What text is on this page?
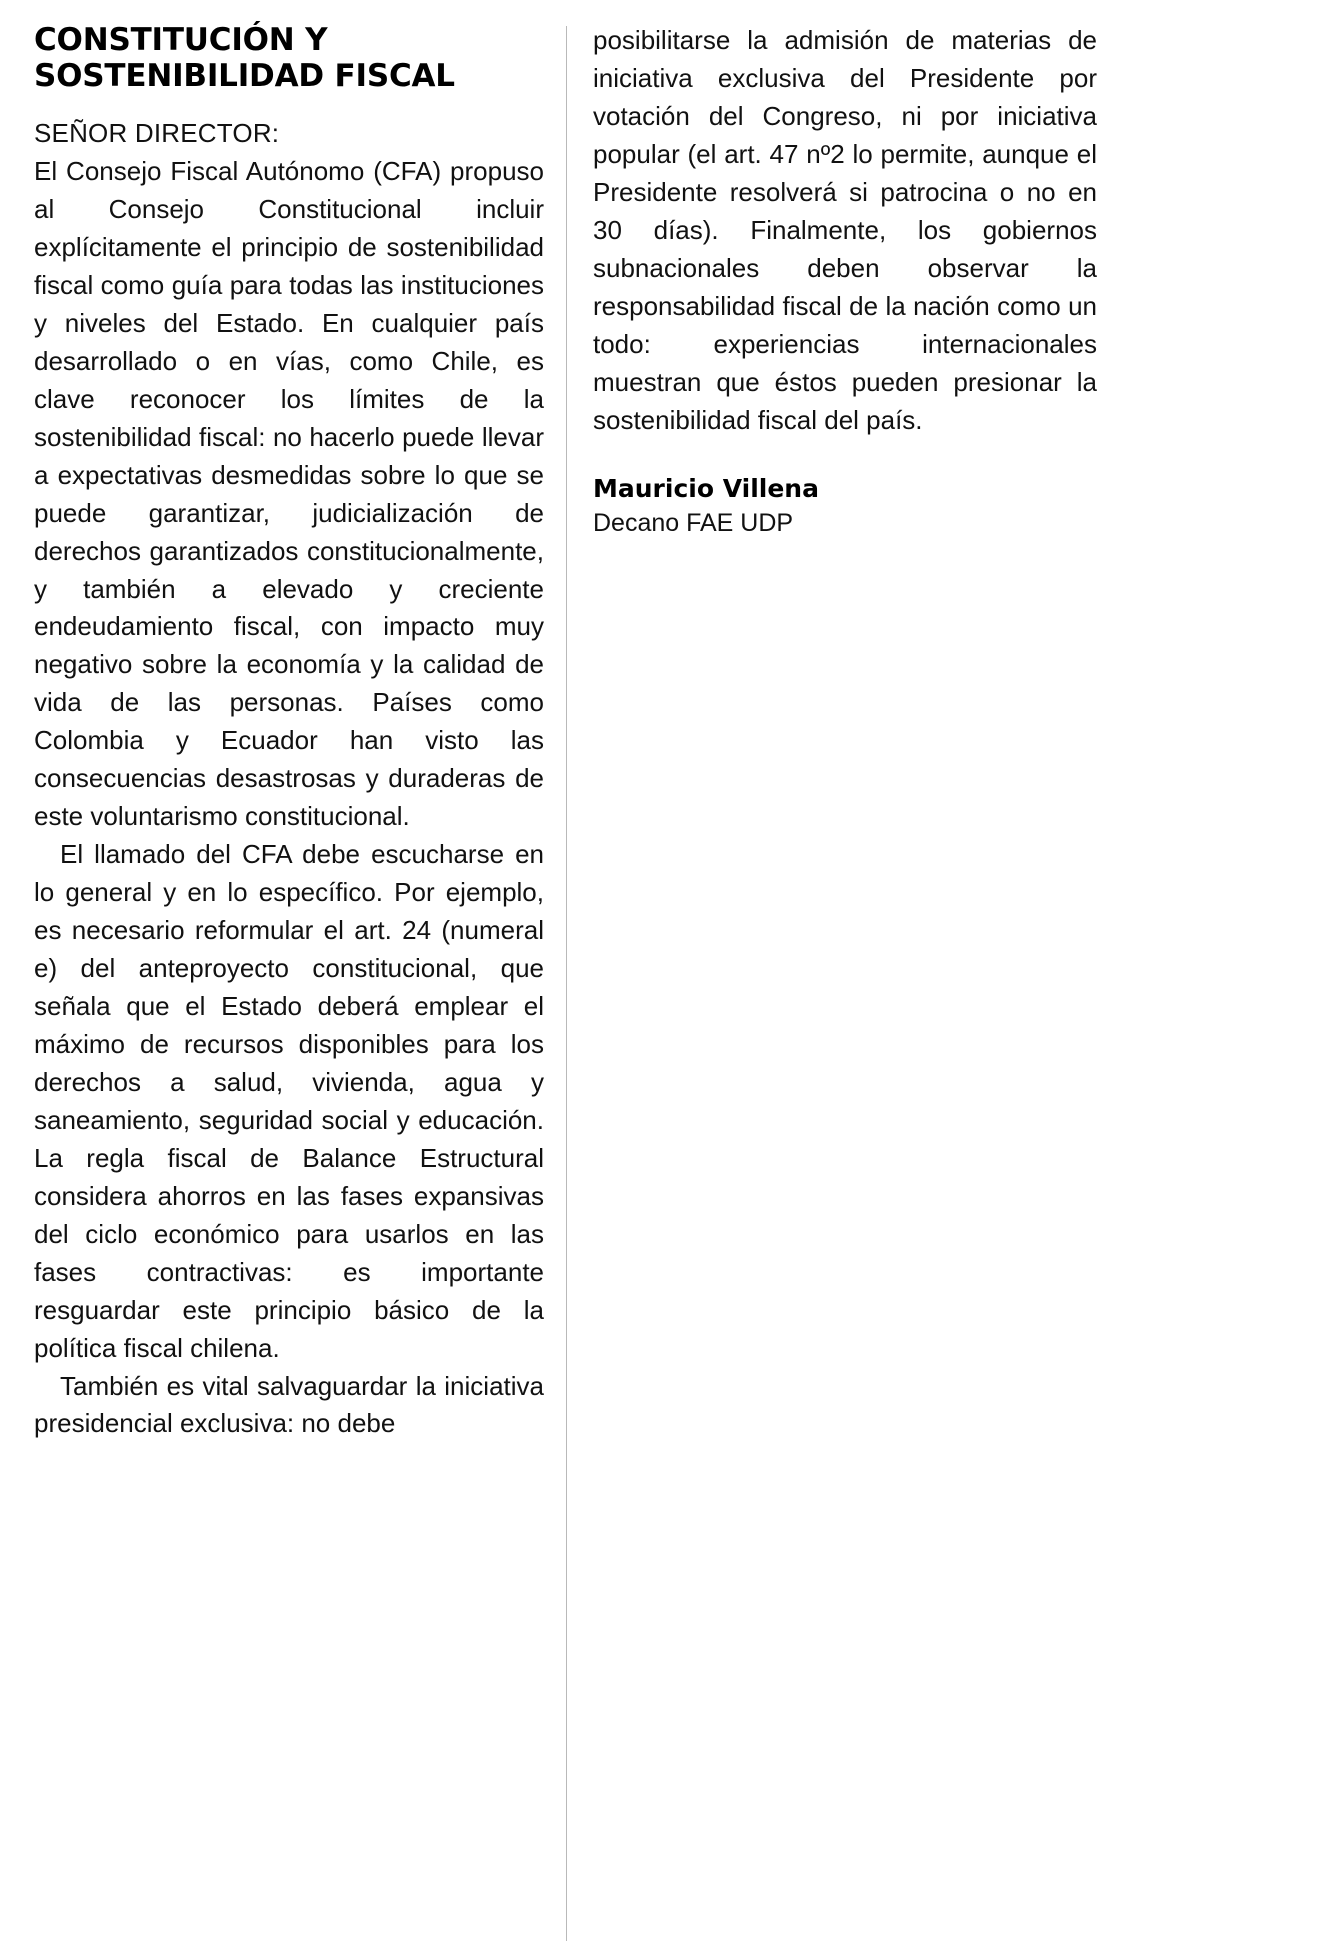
CONSTITUCIÓN Y
SOSTENIBILIDAD FISCAL

SEÑOR DIRECTOR:

El Consejo Fiscal Autónomo (CFA) propuso al Consejo Constitucional incluir explícitamente el principio de sostenibilidad fiscal como guía para todas las instituciones y niveles del Estado. En cualquier país desarrollado o en vías, como Chile, es clave reconocer los límites de la sostenibilidad fiscal: no hacerlo puede llevar a expectativas desmedidas sobre lo que se puede garantizar, judicialización de derechos garantizados constitucionalmente, y también a elevado y creciente endeudamiento fiscal, con impacto muy negativo sobre la economía y la calidad de vida de las personas. Países como Colombia y Ecuador han visto las consecuencias desastrosas y duraderas de este voluntarismo constitucional.

El llamado del CFA debe escucharse en lo general y en lo específico. Por ejemplo, es necesario reformular el art. 24 (numeral e) del anteproyecto constitucional, que señala que el Estado deberá emplear el máximo de recursos disponibles para los derechos a salud, vivienda, agua y saneamiento, seguridad social y educación. La regla fiscal de Balance Estructural considera ahorros en las fases expansivas del ciclo económico para usarlos en las fases contractivas: es importante resguardar este principio básico de la política fiscal chilena.

También es vital salvaguardar la iniciativa presidencial exclusiva: no debe

posibilitarse la admisión de materias de iniciativa exclusiva del Presidente por votación del Congreso, ni por iniciativa popular (el art. 47 nº2 lo permite, aunque el Presidente resolverá si patrocina o no en 30 días). Finalmente, los gobiernos subnacionales deben observar la responsabilidad fiscal de la nación como un todo: experiencias internacionales muestran que éstos pueden presionar la sostenibilidad fiscal del país.

Mauricio Villena

Decano FAE UDP
